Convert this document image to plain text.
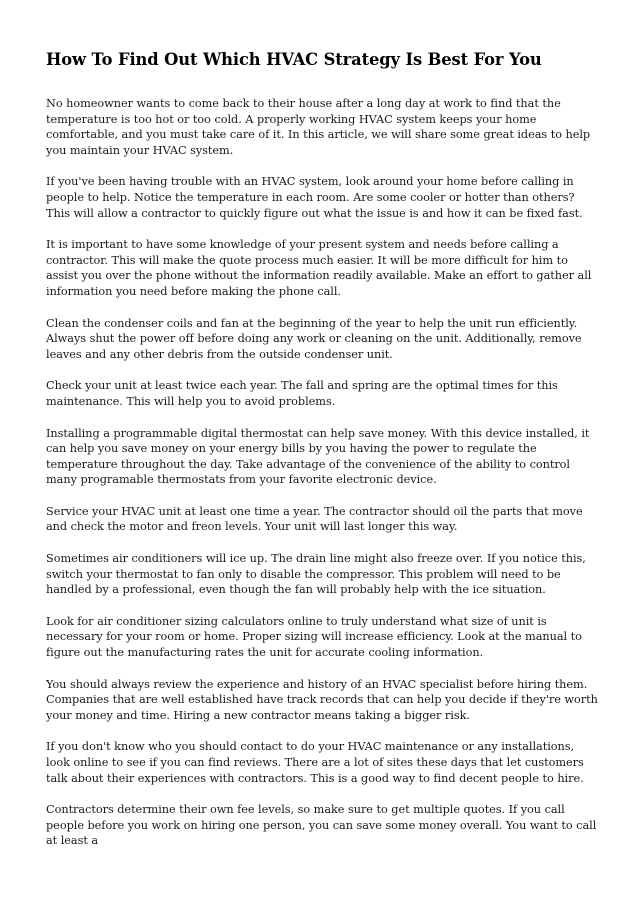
How To Find Out Which HVAC Strategy Is Best For You

No homeowner wants to come back to their house after a long day at work to find that the temperature is too hot or too cold. A properly working HVAC system keeps your home comfortable, and you must take care of it. In this article, we will share some great ideas to help you maintain your HVAC system.

If you've been having trouble with an HVAC system, look around your home before calling in people to help. Notice the temperature in each room. Are some cooler or hotter than others? This will allow a contractor to quickly figure out what the issue is and how it can be fixed fast.

It is important to have some knowledge of your present system and needs before calling a contractor. This will make the quote process much easier. It will be more difficult for him to assist you over the phone without the information readily available. Make an effort to gather all information you need before making the phone call.

Clean the condenser coils and fan at the beginning of the year to help the unit run efficiently. Always shut the power off before doing any work or cleaning on the unit. Additionally, remove leaves and any other debris from the outside condenser unit.

Check your unit at least twice each year. The fall and spring are the optimal times for this maintenance. This will help you to avoid problems.

Installing a programmable digital thermostat can help save money. With this device installed, it can help you save money on your energy bills by you having the power to regulate the temperature throughout the day. Take advantage of the convenience of the ability to control many programable thermostats from your favorite electronic device.

Service your HVAC unit at least one time a year. The contractor should oil the parts that move and check the motor and freon levels. Your unit will last longer this way.

Sometimes air conditioners will ice up. The drain line might also freeze over. If you notice this, switch your thermostat to fan only to disable the compressor. This problem will need to be handled by a professional, even though the fan will probably help with the ice situation.

Look for air conditioner sizing calculators online to truly understand what size of unit is necessary for your room or home. Proper sizing will increase efficiency. Look at the manual to figure out the manufacturing rates the unit for accurate cooling information.

You should always review the experience and history of an HVAC specialist before hiring them. Companies that are well established have track records that can help you decide if they're worth your money and time. Hiring a new contractor means taking a bigger risk.

If you don't know who you should contact to do your HVAC maintenance or any installations, look online to see if you can find reviews. There are a lot of sites these days that let customers talk about their experiences with contractors. This is a good way to find decent people to hire.

Contractors determine their own fee levels, so make sure to get multiple quotes. If you call people before you work on hiring one person, you can save some money overall. You want to call at least a
